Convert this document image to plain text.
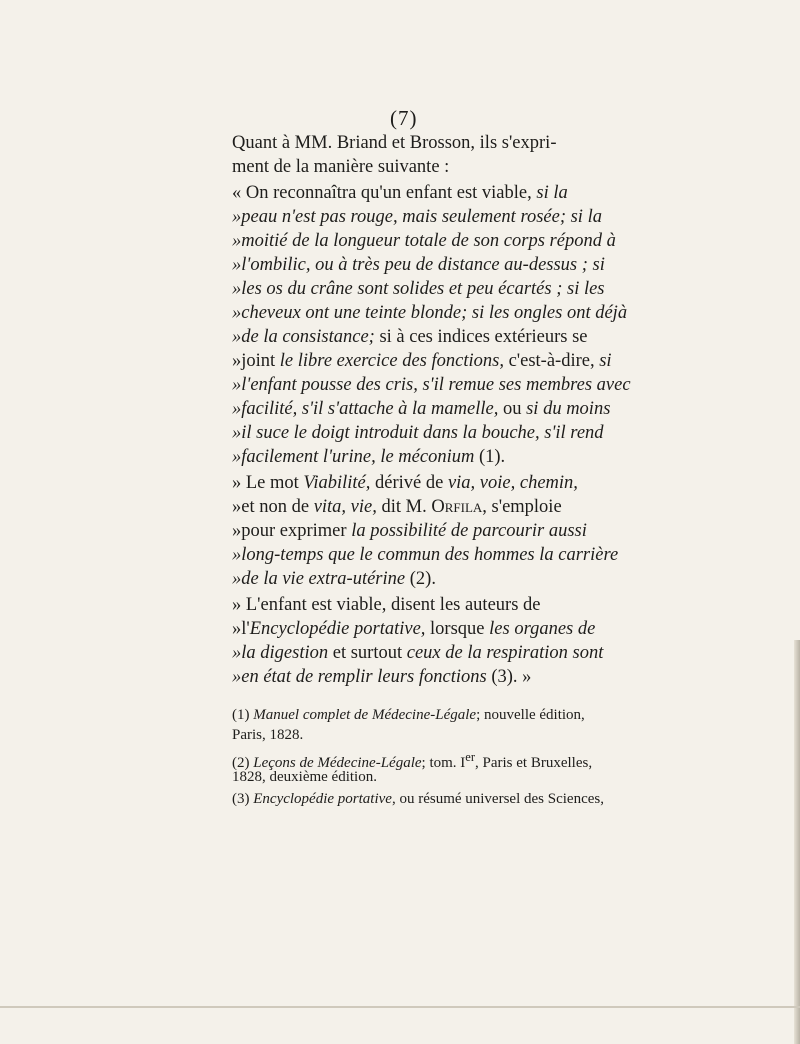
(7)
Quant à MM. Briand et Brosson, ils s'expri-
ment de la manière suivante :
« On reconnaîtra qu'un enfant est viable, si la
»peau n'est pas rouge, mais seulement rosée; si la
»moitié de la longueur totale de son corps répond à
»l'ombilic, ou à très peu de distance au-dessus ; si
»les os du crâne sont solides et peu écartés ; si les
»cheveux ont une teinte blonde; si les ongles ont déjà
»de la consistance; si à ces indices extérieurs se
»joint le libre exercice des fonctions, c'est-à-dire, si
»l'enfant pousse des cris, s'il remue ses membres avec
»facilité, s'il s'attache à la mamelle, ou si du moins
»il suce le doigt introduit dans la bouche, s'il rend
»facilement l'urine, le méconium (1).
» Le mot Viabilité, dérivé de via, voie, chemin,
»et non de vita, vie, dit M. Orfila, s'emploie
»pour exprimer la possibilité de parcourir aussi
»long-temps que le commun des hommes la carrière
»de la vie extra-utérine (2).
» L'enfant est viable, disent les auteurs de
»l'Encyclopédie portative, lorsque les organes de
»la digestion et surtout ceux de la respiration sont
»en état de remplir leurs fonctions (3). »
(1) Manuel complet de Médecine-Légale; nouvelle édition,
Paris, 1828.
(2) Leçons de Médecine-Légale; tom. Ier, Paris et Bruxelles,
1828, deuxième édition.
(3) Encyclopédie portative, ou résumé universel des Sciences,
